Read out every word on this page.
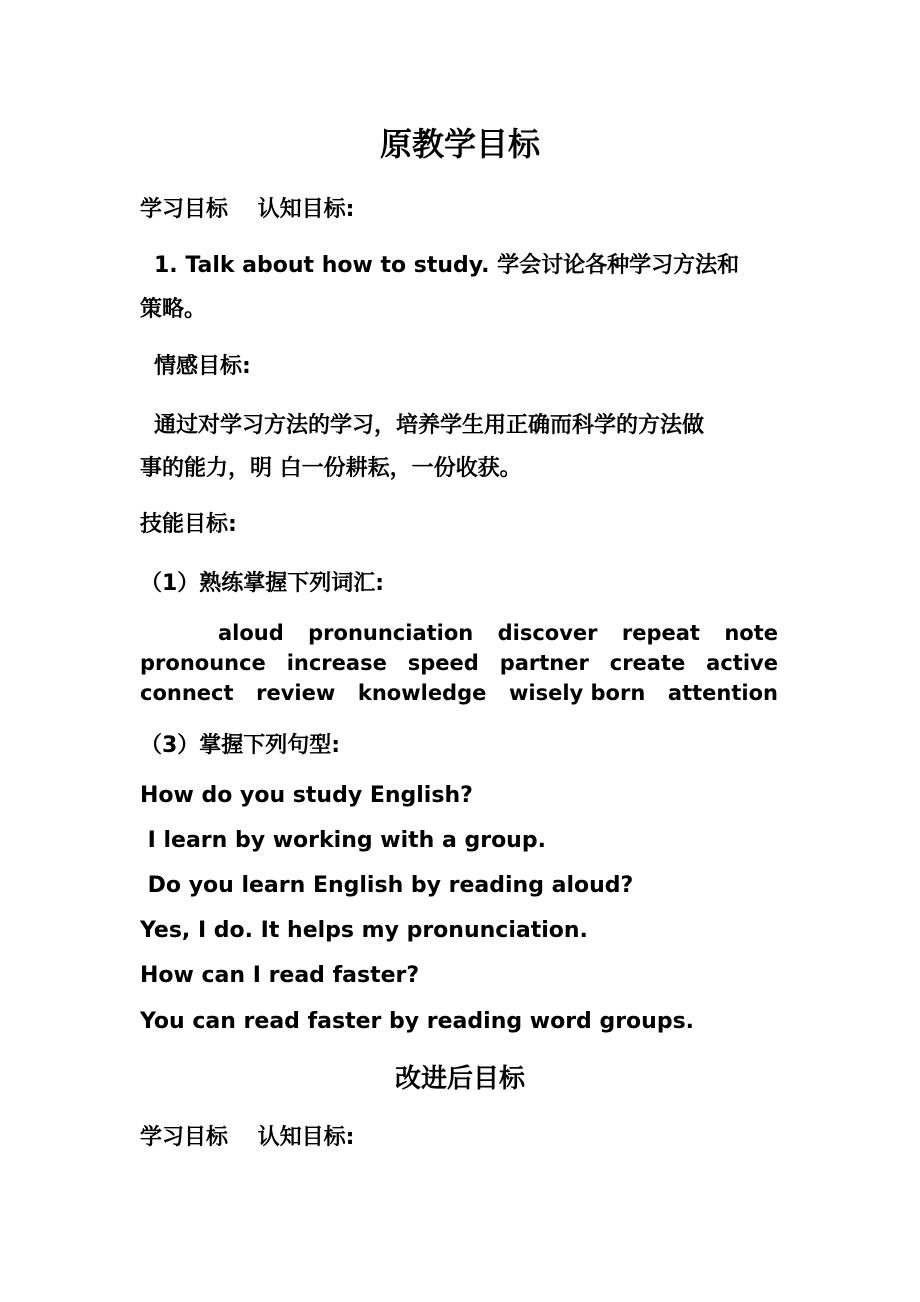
原教学目标
学习目标　 认知目标:
1. Talk about how to study. 学会讨论各种学习方法和
策略。
情感目标:
通过对学习方法的学习，培养学生用正确而科学的方法做
事的能力，明 白一份耕耘，一份收获。
技能目标:
（1）熟练掌握下列词汇:
aloud pronunciation discover repeat note
pronounce increase speed partner create active
connect review knowledge wisely born attention
（3）掌握下列句型:
How do you study English?
I learn by working with a group.
Do you learn English by reading aloud?
Yes, I do. It helps my pronunciation.
How can I read faster?
You can read faster by reading word groups.
改进后目标
学习目标　 认知目标:
